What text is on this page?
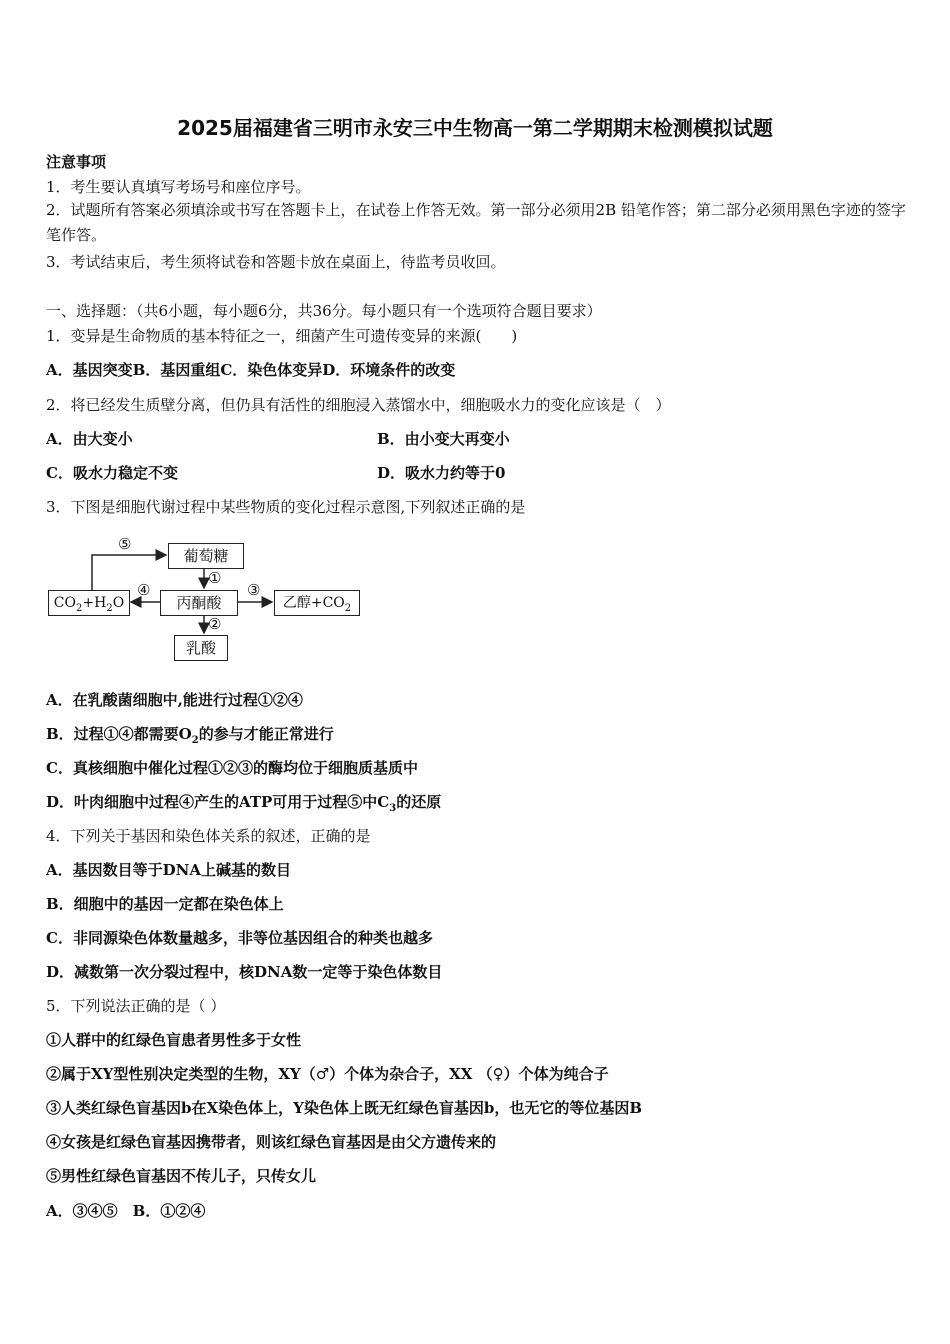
2025届福建省三明市永安三中生物高一第二学期期末检测模拟试题
注意事项
1．考生要认真填写考场号和座位序号。
2．试题所有答案必须填涂或书写在答题卡上，在试卷上作答无效。第一部分必须用2B 铅笔作答；第二部分必须用黑色字迹的签字笔作答。
3．考试结束后，考生须将试卷和答题卡放在桌面上，待监考员收回。
一、选择题：（共6小题，每小题6分，共36分。每小题只有一个选项符合题目要求）
1．变异是生命物质的基本特征之一，细菌产生可遗传变异的来源(　　)
A．基因突变B．基因重组C．染色体变异D．环境条件的改变
2．将已经发生质壁分离，但仍具有活性的细胞浸入蒸馏水中，细胞吸水力的变化应该是（　）
A．由大变小	B．由小变大再变小
C．吸水力稳定不变	D．吸水力约等于0
3．下图是细胞代谢过程中某些物质的变化过程示意图,下列叙述正确的是
葡萄糖
丙酮酸
乳酸
$CO_2+H_2O$	乙醇$+CO_2$
⑤
①
④	③
②
A．在乳酸菌细胞中,能进行过程①②④
B．过程①④都需要$O_2$的参与才能正常进行
C．真核细胞中催化过程①②③的酶均位于细胞质基质中
D．叶肉细胞中过程④产生的ATP可用于过程⑤中$C_3$的还原
4．下列关于基因和染色体关系的叙述，正确的是
A．基因数目等于DNA上碱基的数目
B．细胞中的基因一定都在染色体上
C．非同源染色体数量越多，非等位基因组合的种类也越多
D．减数第一次分裂过程中，核DNA数一定等于染色体数目
5．下列说法正确的是（ ）
①人群中的红绿色盲患者男性多于女性
②属于XY型性别决定类型的生物，XY（♂）个体为杂合子，XX （♀）个体为纯合子
③人类红绿色盲基因b在X染色体上，Y染色体上既无红绿色盲基因b，也无它的等位基因B
④女孩是红绿色盲基因携带者，则该红绿色盲基因是由父方遗传来的
⑤男性红绿色盲基因不传儿子，只传女儿
A．③④⑤　B．①②④
